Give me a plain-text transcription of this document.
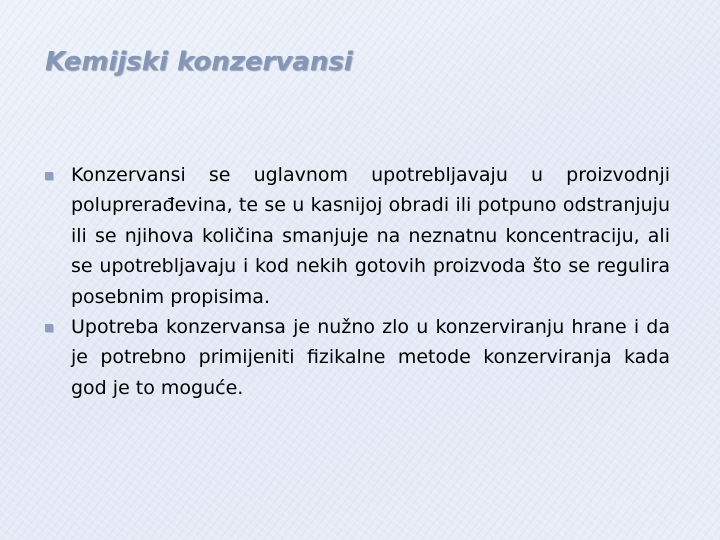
Kemijski konzervansi
Konzervansi se uglavnom upotrebljavaju u proizvodnji poluprerađevina, te se u kasnijoj obradi ili potpuno odstranjuju ili se njihova količina smanjuje na neznatnu koncentraciju, ali se upotrebljavaju i kod nekih gotovih proizvoda što se regulira posebnim propisima.
Upotreba konzervansa je nužno zlo u konzerviranju hrane i da je potrebno primijeniti fizikalne metode konzerviranja kada god je to moguće.
